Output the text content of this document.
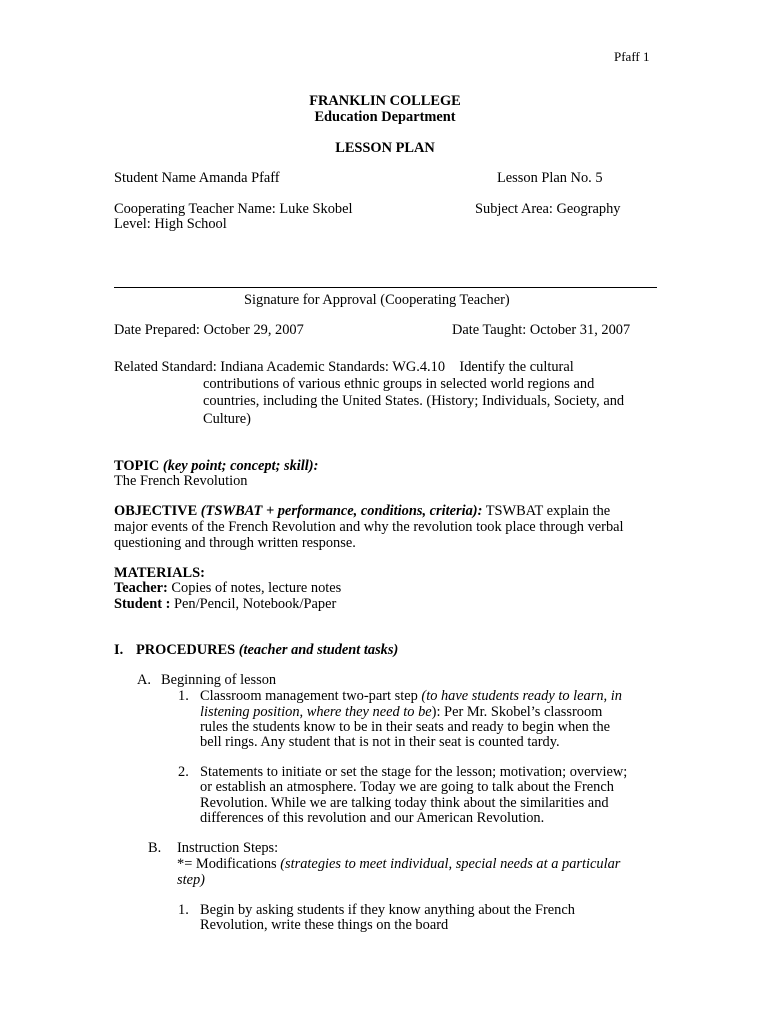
Pfaff 1
FRANKLIN COLLEGE
Education Department
LESSON PLAN
Student Name Amanda Pfaff	Lesson Plan No. 5
Cooperating Teacher Name: Luke Skobel	Subject Area: Geography
Level: High School
Signature for Approval (Cooperating Teacher)
Date Prepared: October 29, 2007	Date Taught: October 31, 2007
Related Standard: Indiana Academic Standards: WG.4.10    Identify the cultural
contributions of various ethnic groups in selected world regions and
countries, including the United States. (History; Individuals, Society, and
Culture)
TOPIC (key point; concept; skill):
The French Revolution
OBJECTIVE (TSWBAT + performance, conditions, criteria): TSWBAT explain the
major events of the French Revolution and why the revolution took place through verbal
questioning and through written response.
MATERIALS:
Teacher: Copies of notes, lecture notes
Student : Pen/Pencil, Notebook/Paper
I. PROCEDURES (teacher and student tasks)
A. Beginning of lesson
1. Classroom management two-part step (to have students ready to learn, in
listening position, where they need to be): Per Mr. Skobel’s classroom
rules the students know to be in their seats and ready to begin when the
bell rings. Any student that is not in their seat is counted tardy.
2. Statements to initiate or set the stage for the lesson; motivation; overview;
or establish an atmosphere. Today we are going to talk about the French
Revolution. While we are talking today think about the similarities and
differences of this revolution and our American Revolution.
B. Instruction Steps:
*= Modifications (strategies to meet individual, special needs at a particular
step)
1. Begin by asking students if they know anything about the French
Revolution, write these things on the board
